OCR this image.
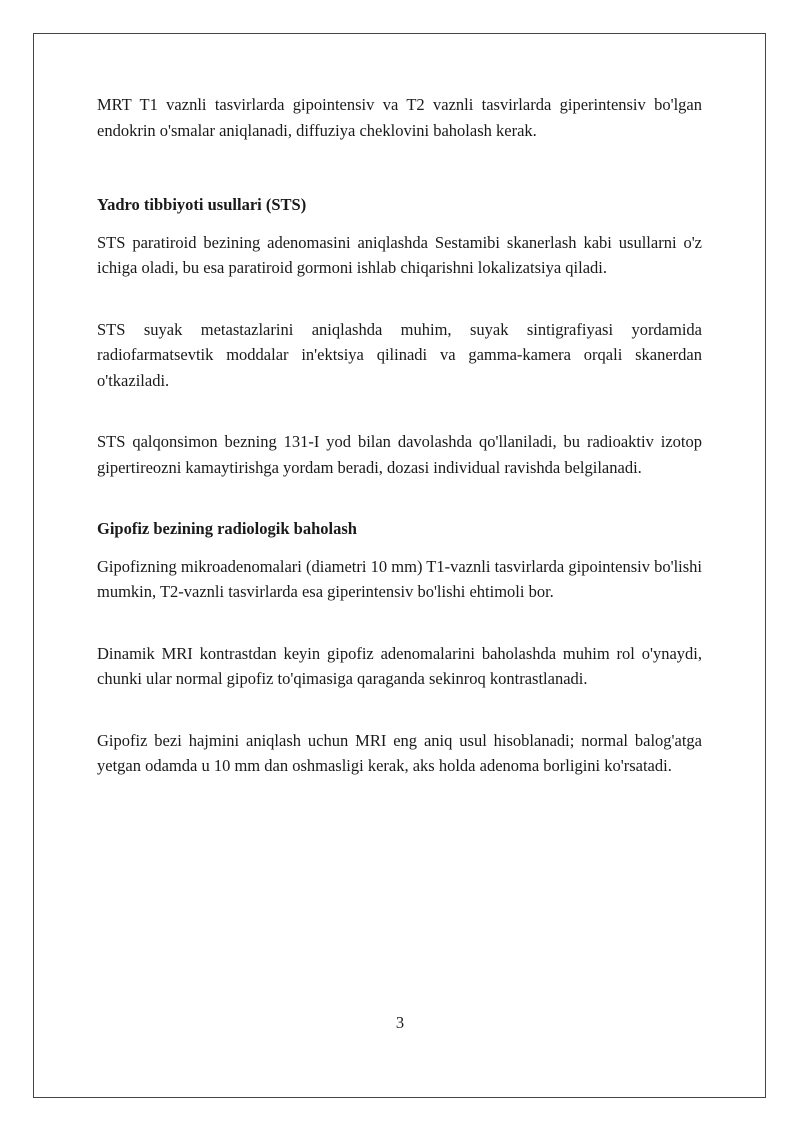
MRT T1 vaznli tasvirlarda gipointensiv va T2 vaznli tasvirlarda giperintensiv bo'lgan endokrin o'smalar aniqlanadi, diffuziya cheklovini baholash kerak.

Yadro tibbiyoti usullari (STS)

STS paratiroid bezining adenomasini aniqlashda Sestamibi skanerlash kabi usullarni o'z ichiga oladi, bu esa paratiroid gormoni ishlab chiqarishni lokalizatsiya qiladi.

STS suyak metastazlarini aniqlashda muhim, suyak sintigrafiyasi yordamida radiofarmatsevtik moddalar in'ektsiya qilinadi va gamma-kamera orqali skanerdan o'tkaziladi.

STS qalqonsimon bezning 131-I yod bilan davolashda qo'llaniladi, bu radioaktiv izotop gipertireozni kamaytirishga yordam beradi, dozasi individual ravishda belgilanadi.

Gipofiz bezining radiologik baholash

Gipofizning mikroadenomalari (diametri 10 mm) T1-vaznli tasvirlarda gipointensiv bo'lishi mumkin, T2-vaznli tasvirlarda esa giperintensiv bo'lishi ehtimoli bor.

Dinamik MRI kontrastdan keyin gipofiz adenomalarini baholashda muhim rol o'ynaydi, chunki ular normal gipofiz to'qimasiga qaraganda sekinroq kontrastlanadi.

Gipofiz bezi hajmini aniqlash uchun MRI eng aniq usul hisoblanadi; normal balog'atga yetgan odamda u 10 mm dan oshmasligi kerak, aks holda adenoma borligini ko'rsatadi.

3
